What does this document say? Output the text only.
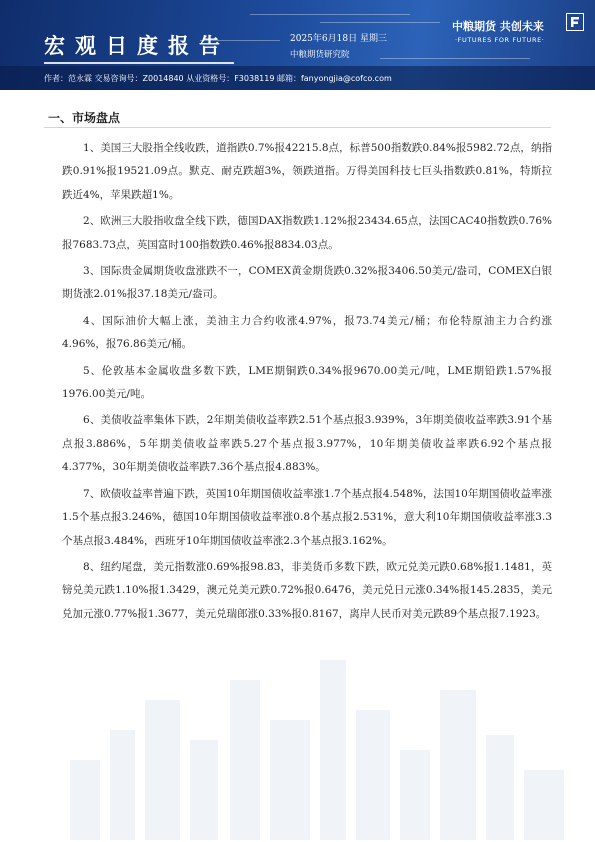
宏观日度报告	2025年6月18日 星期三
中粮期货研究院
中粮期货 共创未来
·FUTURES FOR FUTURE·
作者：范永霖 交易咨询号：Z0014840 从业资格号：F3038119 邮箱：fanyongjia@cofco.com
一、市场盘点

1、美国三大股指全线收跌，道指跌0.7%报42215.8点，标普500指数跌0.84%报5982.72点，纳指跌0.91%报19521.09点。默克、耐克跌超3%，领跌道指。万得美国科技七巨头指数跌0.81%，特斯拉跌近4%，苹果跌超1%。

2、欧洲三大股指收盘全线下跌，德国DAX指数跌1.12%报23434.65点，法国CAC40指数跌0.76%报7683.73点，英国富时100指数跌0.46%报8834.03点。

3、国际贵金属期货收盘涨跌不一，COMEX黄金期货跌0.32%报3406.50美元/盎司，COMEX白银期货涨2.01%报37.18美元/盎司。

4、国际油价大幅上涨，美油主力合约收涨4.97%，报73.74美元/桶；布伦特原油主力合约涨4.96%，报76.86美元/桶。

5、伦敦基本金属收盘多数下跌，LME期铜跌0.34%报9670.00美元/吨，LME期铅跌1.57%报1976.00美元/吨。

6、美债收益率集体下跌，2年期美债收益率跌2.51个基点报3.939%，3年期美债收益率跌3.91个基点报3.886%，5年期美债收益率跌5.27个基点报3.977%，10年期美债收益率跌6.92个基点报4.377%，30年期美债收益率跌7.36个基点报4.883%。

7、欧债收益率普遍下跌，英国10年期国债收益率涨1.7个基点报4.548%，法国10年期国债收益率涨1.5个基点报3.246%，德国10年期国债收益率涨0.8个基点报2.531%，意大利10年期国债收益率涨3.3个基点报3.484%，西班牙10年期国债收益率涨2.3个基点报3.162%。

8、纽约尾盘，美元指数涨0.69%报98.83，非美货币多数下跌，欧元兑美元跌0.68%报1.1481，英镑兑美元跌1.10%报1.3429，澳元兑美元跌0.72%报0.6476，美元兑日元涨0.34%报145.2835，美元兑加元涨0.77%报1.3677，美元兑瑞郎涨0.33%报0.8167，离岸人民币对美元跌89个基点报7.1923。
